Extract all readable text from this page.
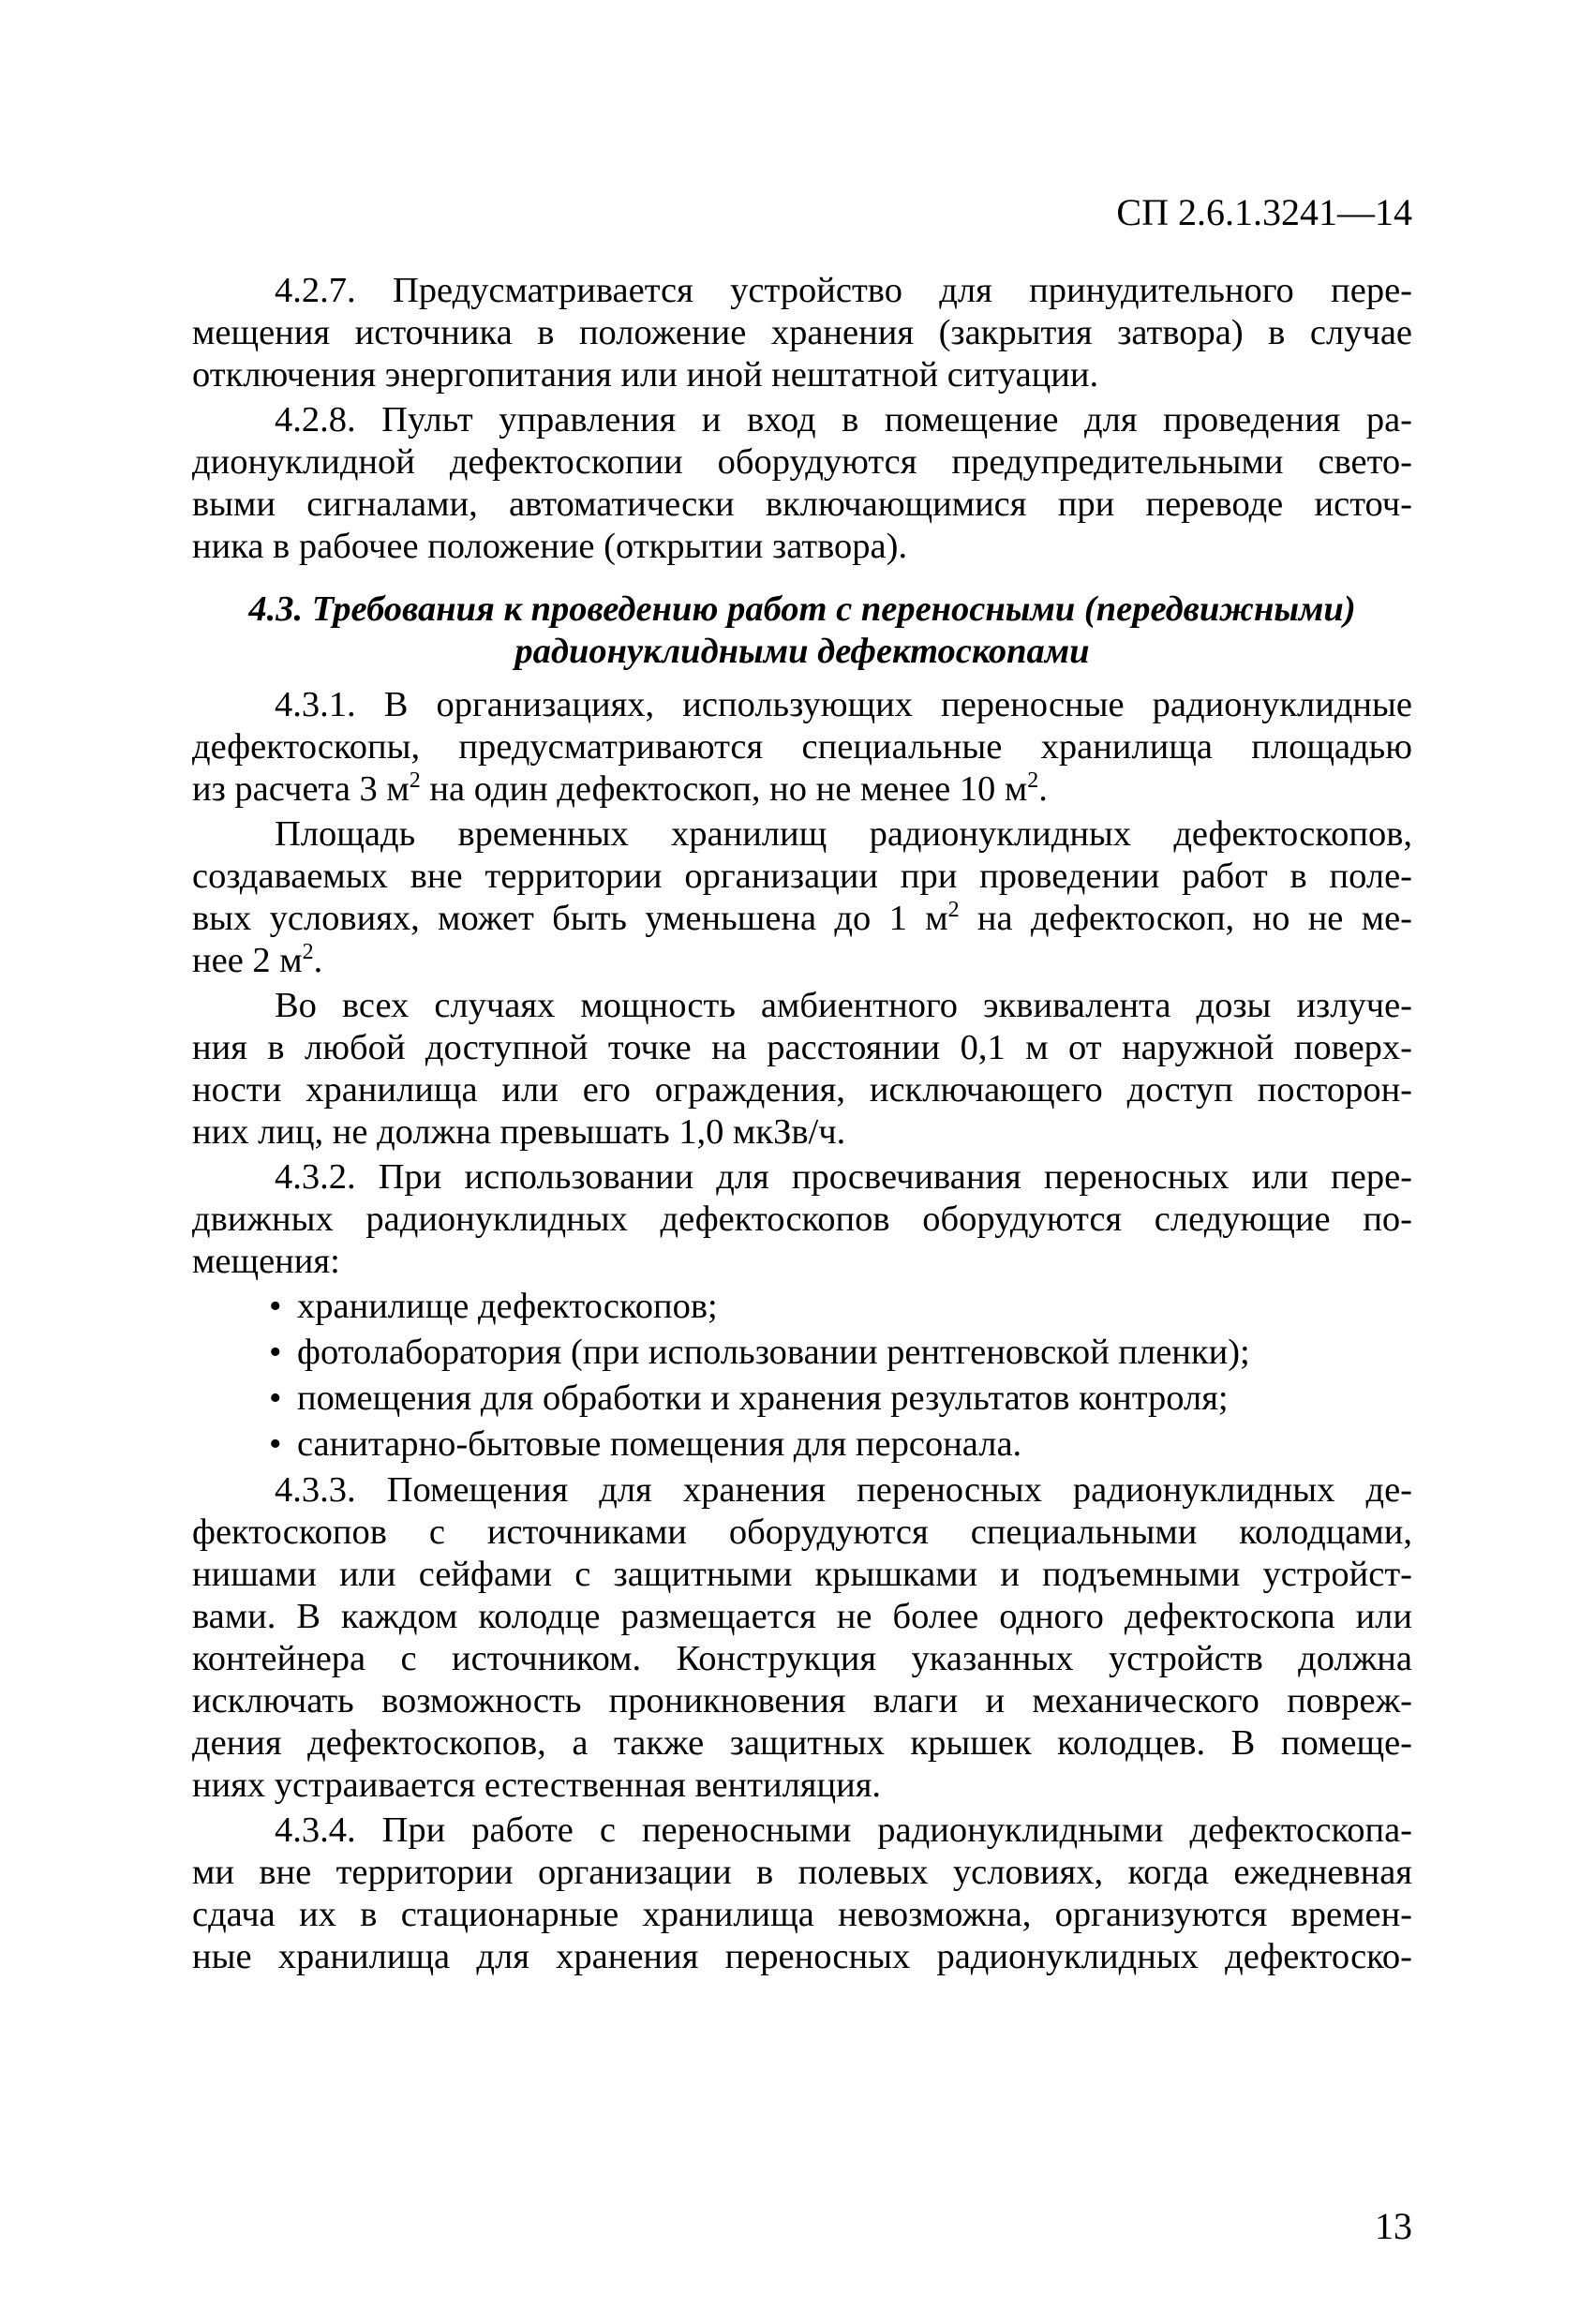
СП 2.6.1.3241—14
4.2.7. Предусматривается устройство для принудительного пере-
мещения источника в положение хранения (закрытия затвора) в случае
отключения энергопитания или иной нештатной ситуации.
4.2.8. Пульт управления и вход в помещение для проведения ра-
дионуклидной дефектоскопии оборудуются предупредительными свето-
выми сигналами, автоматически включающимися при переводе источ-
ника в рабочее положение (открытии затвора).
4.3. Требования к проведению работ с переносными (передвижными)
радионуклидными дефектоскопами
4.3.1. В организациях, использующих переносные радионуклидные
дефектоскопы, предусматриваются специальные хранилища площадью
из расчета 3 $м^2$ на один дефектоскоп, но не менее 10 $м^2$.
Площадь временных хранилищ радионуклидных дефектоскопов,
создаваемых вне территории организации при проведении работ в поле-
вых условиях, может быть уменьшена до 1 $м^2$ на дефектоскоп, но не ме-
нее 2 $м^2$.
Во всех случаях мощность амбиентного эквивалента дозы излуче-
ния в любой доступной точке на расстоянии 0,1 м от наружной поверх-
ности хранилища или его ограждения, исключающего доступ посторон-
них лиц, не должна превышать 1,0 мкЗв/ч.
4.3.2. При использовании для просвечивания переносных или пере-
движных радионуклидных дефектоскопов оборудуются следующие по-
мещения:
• хранилище дефектоскопов;
• фотолаборатория (при использовании рентгеновской пленки);
• помещения для обработки и хранения результатов контроля;
• санитарно-бытовые помещения для персонала.
4.3.3. Помещения для хранения переносных радионуклидных де-
фектоскопов с источниками оборудуются специальными колодцами,
нишами или сейфами с защитными крышками и подъемными устройст-
вами. В каждом колодце размещается не более одного дефектоскопа или
контейнера с источником. Конструкция указанных устройств должна
исключать возможность проникновения влаги и механического повреж-
дения дефектоскопов, а также защитных крышек колодцев. В помеще-
ниях устраивается естественная вентиляция.
4.3.4. При работе с переносными радионуклидными дефектоскопа-
ми вне территории организации в полевых условиях, когда ежедневная
сдача их в стационарные хранилища невозможна, организуются времен-
ные хранилища для хранения переносных радионуклидных дефектоско-
13
